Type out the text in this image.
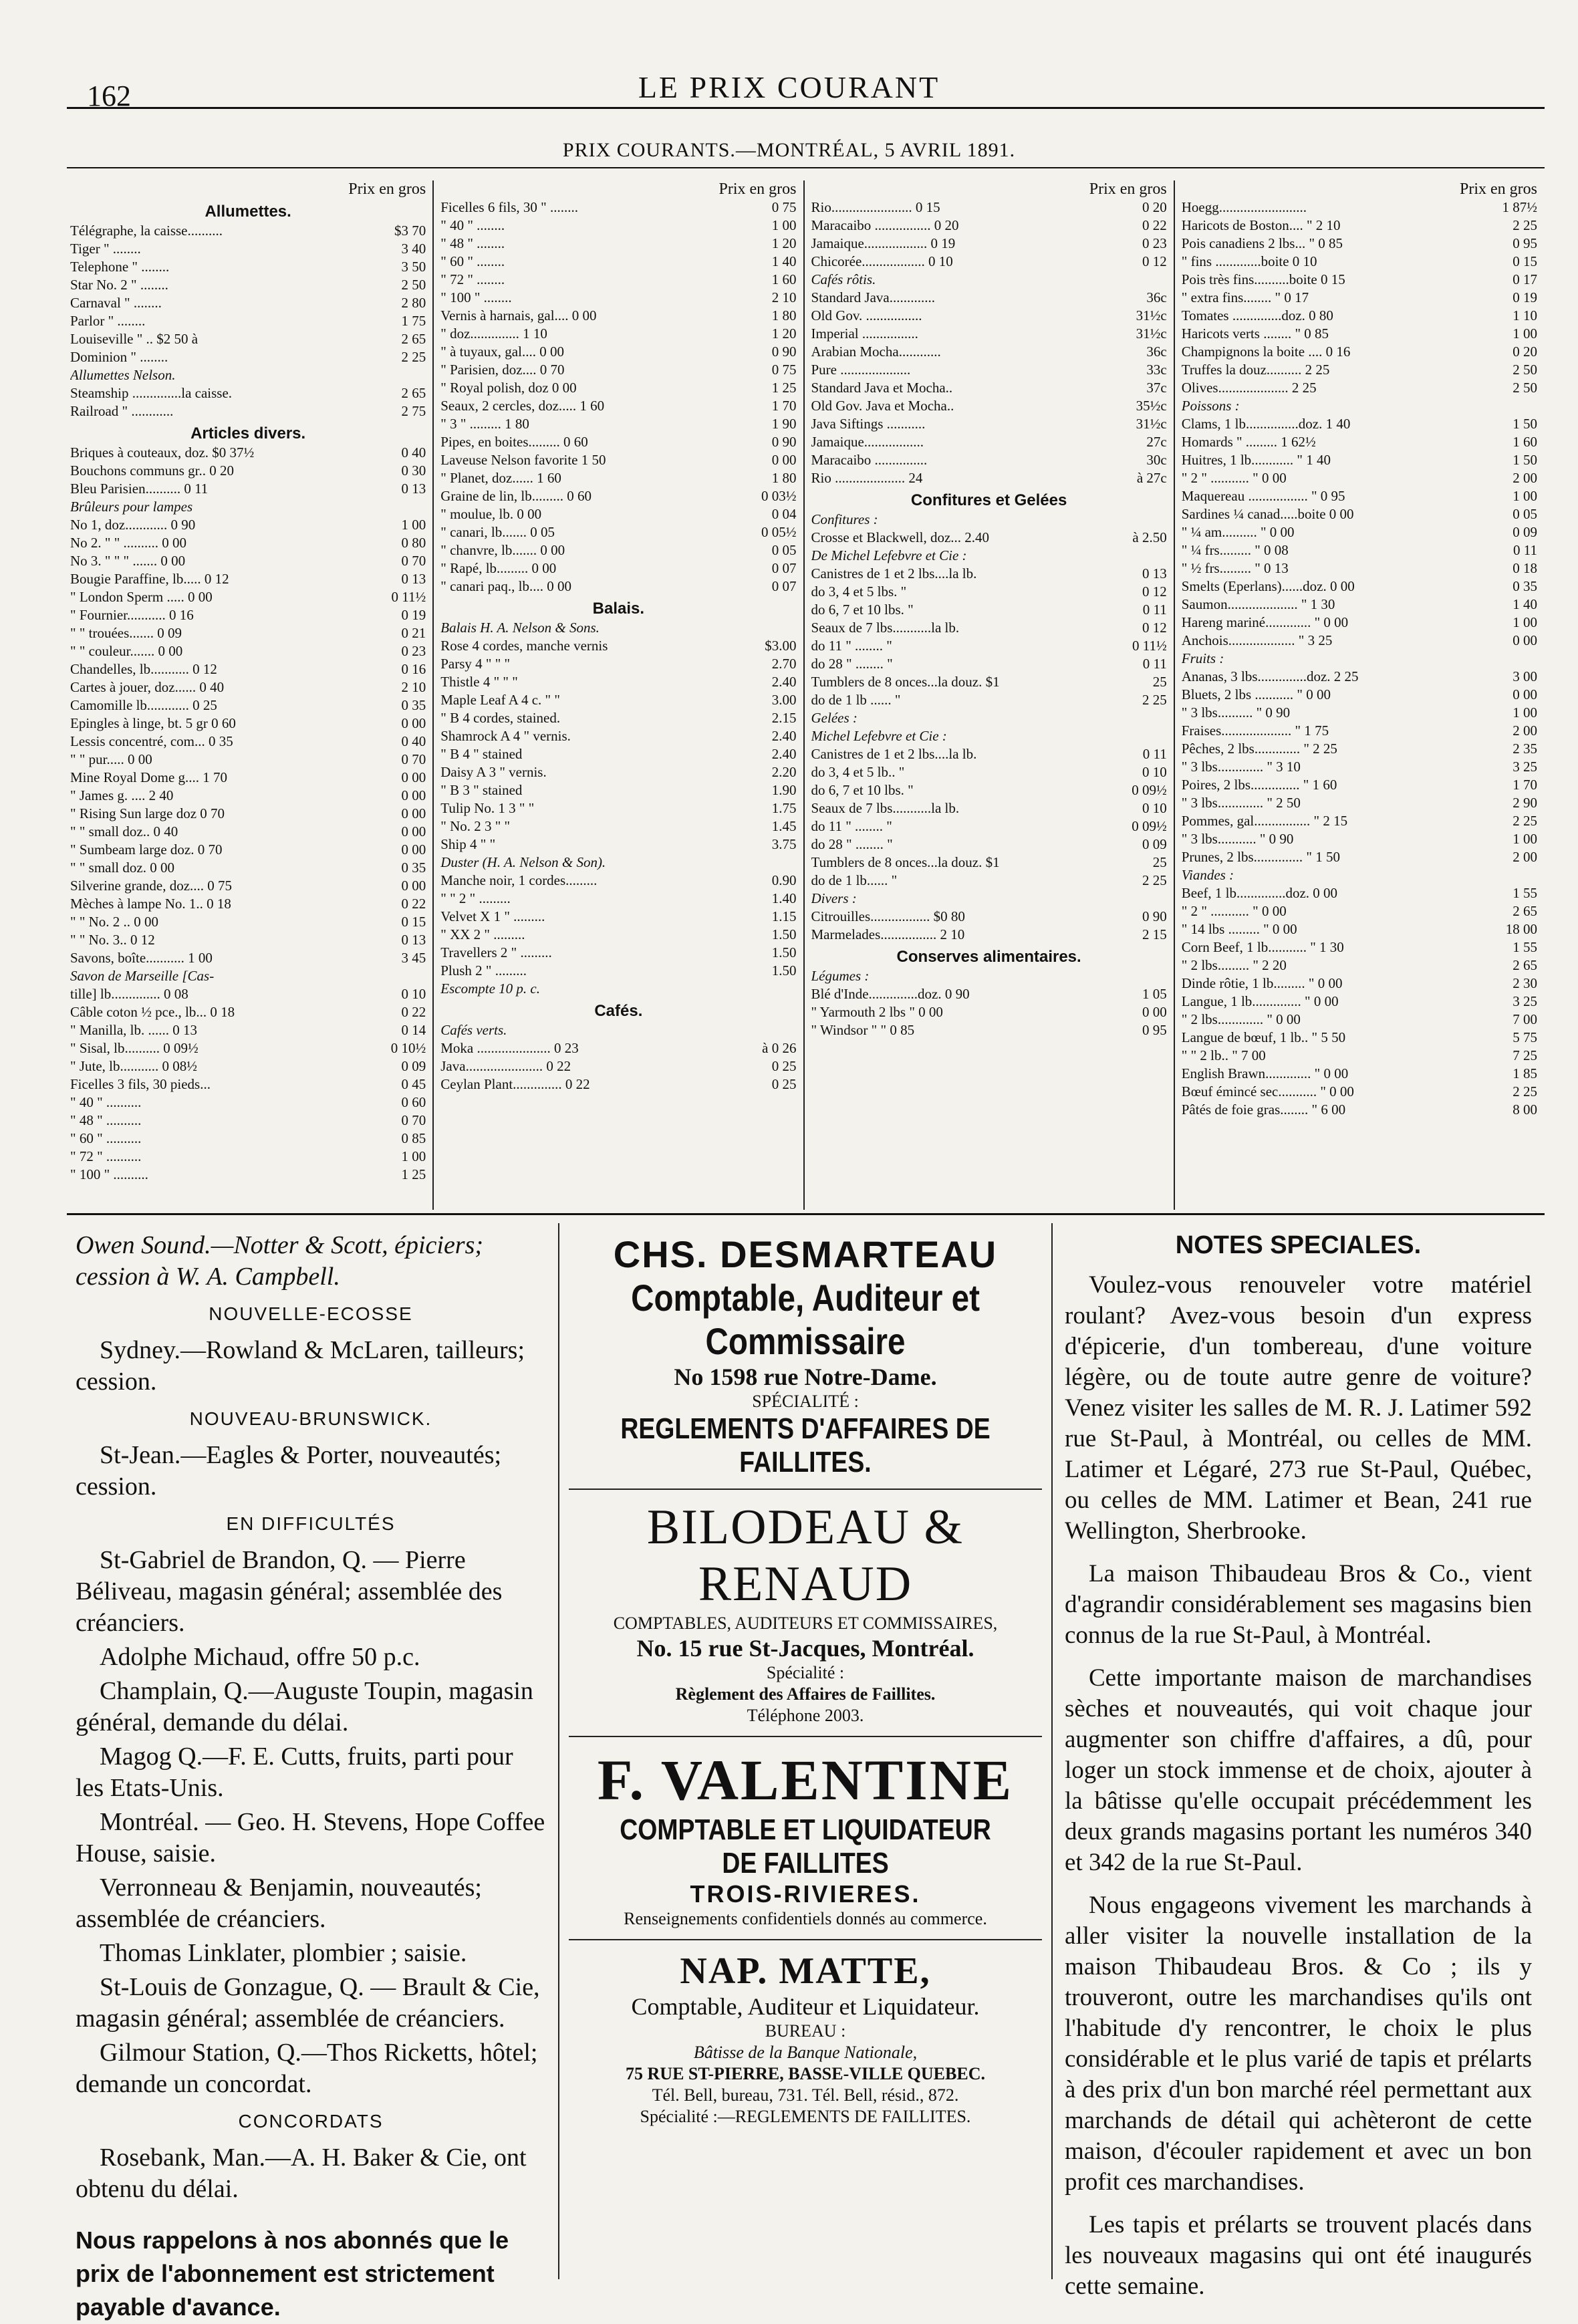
162	LE PRIX COURANT
PRIX COURANTS.—MONTRÉAL, 5 AVRIL 1891.
Prix en gros
Allumettes.
Télégraphe, la caisse..........	$3 70
Tiger " ........	3 40
Telephone " ........	3 50
Star No. 2 " ........	2 50
Carnaval " ........	2 80
Parlor " ........	1 75
Louiseville " .. $2 50 à	2 65
Dominion " ........	2 25
Allumettes Nelson.
Steamship ..............la caisse.	2 65
Railroad " ............	2 75
Articles divers.
Briques à couteaux, doz. $0 37½	0 40
Bouchons communs gr.. 0 20	0 30
Bleu Parisien.......... 0 11	0 13
Brûleurs pour lampes
No 1, doz............ 0 90	1 00
No 2. " " .......... 0 00	0 80
No 3. " " " ....... 0 00	0 70
Bougie Paraffine, lb..... 0 12	0 13
" London Sperm ..... 0 00	0 11½
" Fournier........... 0 16	0 19
" " trouées....... 0 09	0 21
" " couleur....... 0 00	0 23
Chandelles, lb........... 0 12	0 16
Cartes à jouer, doz...... 0 40	2 10
Camomille lb............ 0 25	0 35
Epingles à linge, bt. 5 gr 0 60	0 00
Lessis concentré, com... 0 35	0 40
" " pur..... 0 00	0 70
Mine Royal Dome g.... 1 70	0 00
" James g. .... 2 40	0 00
" Rising Sun large doz 0 70	0 00
" " small doz.. 0 40	0 00
" Sumbeam large doz. 0 70	0 00
" " small doz. 0 00	0 35
Silverine grande, doz.... 0 75	0 00
Mèches à lampe No. 1.. 0 18	0 22
" " No. 2 .. 0 00	0 15
" " No. 3.. 0 12	0 13
Savons, boîte........... 1 00	3 45
Savon de Marseille [Cas-
tille] lb.............. 0 08	0 10
Câble coton ½ pce., lb... 0 18	0 22
" Manilla, lb. ...... 0 13	0 14
" Sisal, lb.......... 0 09½	0 10½
" Jute, lb........... 0 08½	0 09
Ficelles 3 fils, 30 pieds...	0 45
" 40 " ..........	0 60
" 48 " ..........	0 70
" 60 " ..........	0 85
" 72 " ..........	1 00
" 100 " ..........	1 25
Prix en gros
Ficelles 6 fils, 30 " ........	0 75
" 40 " ........	1 00
" 48 " ........	1 20
" 60 " ........	1 40
" 72 " ........	1 60
" 100 " ........	2 10
Vernis à harnais, gal.... 0 00	1 80
" doz.............. 1 10	1 20
" à tuyaux, gal.... 0 00	0 90
" Parisien, doz.... 0 70	0 75
" Royal polish, doz 0 00	1 25
Seaux, 2 cercles, doz..... 1 60	1 70
" 3 " ......... 1 80	1 90
Pipes, en boites......... 0 60	0 90
Laveuse Nelson favorite 1 50	0 00
" Planet, doz...... 1 60	1 80
Graine de lin, lb......... 0 60	0 03½
" moulue, lb. 0 00	0 04
" canari, lb....... 0 05	0 05½
" chanvre, lb....... 0 00	0 05
" Rapé, lb......... 0 00	0 07
" canari paq., lb.... 0 00	0 07
Balais.
Balais H. A. Nelson & Sons.
Rose 4 cordes, manche vernis	$3.00
Parsy 4 " " "	2.70
Thistle 4 " " "	2.40
Maple Leaf A 4 c. " "	3.00
" B 4 cordes, stained.	2.15
Shamrock A 4 " vernis.	2.40
" B 4 " stained	2.40
Daisy A 3 " vernis.	2.20
" B 3 " stained	1.90
Tulip No. 1 3 " "	1.75
" No. 2 3 " "	1.45
Ship 4 " "	3.75
Duster (H. A. Nelson & Son).
Manche noir, 1 cordes.........	0.90
" " 2 " .........	1.40
Velvet X 1 " .........	1.15
" XX 2 " .........	1.50
Travellers 2 " .........	1.50
Plush 2 " .........	1.50
Escompte 10 p. c.
Cafés.
Cafés verts.
Moka ..................... 0 23	à 0 26
Java...................... 0 22	0 25
Ceylan Plant.............. 0 22	0 25
Prix en gros
Rio....................... 0 15	0 20
Maracaibo ................ 0 20	0 22
Jamaique.................. 0 19	0 23
Chicorée.................. 0 10	0 12
Cafés rôtis.
Standard Java.............	36c
Old Gov. ................	31½c
Imperial ................	31½c
Arabian Mocha............	36c
Pure ....................	33c
Standard Java et Mocha..	37c
Old Gov. Java et Mocha..	35½c
Java Siftings ...........	31½c
Jamaique.................	27c
Maracaibo ...............	30c
Rio .................... 24	à 27c
Confitures et Gelées
Confitures :
Crosse et Blackwell, doz... 2.40	à 2.50
De Michel Lefebvre et Cie :
Canistres de 1 et 2 lbs....la lb.	0 13
do 3, 4 et 5 lbs. "	0 12
do 6, 7 et 10 lbs. "	0 11
Seaux de 7 lbs...........la lb.	0 12
do 11 " ........ "	0 11½
do 28 " ........ "	0 11
Tumblers de 8 onces...la douz. $1	25
do de 1 lb ...... "	2 25
Gelées :
Michel Lefebvre et Cie :
Canistres de 1 et 2 lbs....la lb.	0 11
do 3, 4 et 5 lb.. "	0 10
do 6, 7 et 10 lbs. "	0 09½
Seaux de 7 lbs...........la lb.	0 10
do 11 " ........ "	0 09½
do 28 " ........ "	0 09
Tumblers de 8 onces...la douz. $1	25
do de 1 lb...... "	2 25
Divers :
Citrouilles................. $0 80	0 90
Marmelades................ 2 10	2 15
Conserves alimentaires.
Légumes :
Blé d'Inde..............doz. 0 90	1 05
" Yarmouth 2 lbs " 0 00	0 00
" Windsor " " 0 85	0 95
Prix en gros
Hoegg.........................	1 87½
Haricots de Boston.... " 2 10	2 25
Pois canadiens 2 lbs... " 0 85	0 95
" fins .............boite 0 10	0 15
Pois très fins..........boite 0 15	0 17
" extra fins........ " 0 17	0 19
Tomates ..............doz. 0 80	1 10
Haricots verts ........ " 0 85	1 00
Champignons la boite .... 0 16	0 20
Truffes la douz.......... 2 25	2 50
Olives.................... 2 25	2 50
Poissons :
Clams, 1 lb...............doz. 1 40	1 50
Homards " ......... 1 62½	1 60
Huitres, 1 lb............ " 1 40	1 50
" 2 " ........... " 0 00	2 00
Maquereau ................. " 0 95	1 00
Sardines ¼ canad.....boite 0 00	0 05
" ¼ am.......... " 0 00	0 09
" ¼ frs......... " 0 08	0 11
" ½ frs......... " 0 13	0 18
Smelts (Eperlans)......doz. 0 00	0 35
Saumon.................... " 1 30	1 40
Hareng mariné............. " 0 00	1 00
Anchois................... " 3 25	0 00
Fruits :
Ananas, 3 lbs..............doz. 2 25	3 00
Bluets, 2 lbs ........... " 0 00	0 00
" 3 lbs.......... " 0 90	1 00
Fraises.................... " 1 75	2 00
Pêches, 2 lbs............. " 2 25	2 35
" 3 lbs............. " 3 10	3 25
Poires, 2 lbs.............. " 1 60	1 70
" 3 lbs............. " 2 50	2 90
Pommes, gal................ " 2 15	2 25
" 3 lbs........... " 0 90	1 00
Prunes, 2 lbs.............. " 1 50	2 00
Viandes :
Beef, 1 lb..............doz. 0 00	1 55
" 2 " ........... " 0 00	2 65
" 14 lbs ......... " 0 00	18 00
Corn Beef, 1 lb........... " 1 30	1 55
" 2 lbs......... " 2 20	2 65
Dinde rôtie, 1 lb......... " 0 00	2 30
Langue, 1 lb.............. " 0 00	3 25
" 2 lbs............. " 0 00	7 00
Langue de bœuf, 1 lb.. " 5 50	5 75
" " 2 lb.. " 7 00	7 25
English Brawn............. " 0 00	1 85
Bœuf émincé sec........... " 0 00	2 25
Pâtés de foie gras........ " 6 00	8 00
Owen Sound.—Notter & Scott, épiciers; cession à W. A. Campbell.
NOUVELLE-ECOSSE
Sydney.—Rowland & McLaren, tailleurs; cession.
NOUVEAU-BRUNSWICK.
St-Jean.—Eagles & Porter, nouveautés; cession.
EN DIFFICULTÉS
St-Gabriel de Brandon, Q. — Pierre Béliveau, magasin général; assemblée des créanciers.
Adolphe Michaud, offre 50 p.c.
Champlain, Q.—Auguste Toupin, magasin général, demande du délai.
Magog Q.—F. E. Cutts, fruits, parti pour les Etats-Unis.
Montréal. — Geo. H. Stevens, Hope Coffee House, saisie.
Verronneau & Benjamin, nouveautés; assemblée de créanciers.
Thomas Linklater, plombier ; saisie.
St-Louis de Gonzague, Q. — Brault & Cie, magasin général; assemblée de créanciers.
Gilmour Station, Q.—Thos Ricketts, hôtel; demande un concordat.
CONCORDATS
Rosebank, Man.—A. H. Baker & Cie, ont obtenu du délai.
Nous rappelons à nos abonnés que le prix de l'abonnement est strictement payable d'avance.
CHS. DESMARTEAU
Comptable, Auditeur et Commissaire
No 1598 rue Notre-Dame.
SPÉCIALITÉ :
REGLEMENTS D'AFFAIRES DE FAILLITES.
BILODEAU & RENAUD
COMPTABLES, AUDITEURS ET COMMISSAIRES,
No. 15 rue St-Jacques, Montréal.
Spécialité :
Règlement des Affaires de Faillites.
Téléphone 2003.
F. VALENTINE
COMPTABLE ET LIQUIDATEUR DE FAILLITES
TROIS-RIVIERES.
Renseignements confidentiels donnés au commerce.
NAP. MATTE,
Comptable, Auditeur et Liquidateur.
BUREAU :
Bâtisse de la Banque Nationale,
75 RUE ST-PIERRE, BASSE-VILLE QUEBEC.
Tél. Bell, bureau, 731. Tél. Bell, résid., 872.
Spécialité :—REGLEMENTS DE FAILLITES.
NOTES SPECIALES.
Voulez-vous renouveler votre matériel roulant? Avez-vous besoin d'un express d'épicerie, d'un tombereau, d'une voiture légère, ou de toute autre genre de voiture? Venez visiter les salles de M. R. J. Latimer 592 rue St-Paul, à Montréal, ou celles de MM. Latimer et Légaré, 273 rue St-Paul, Québec, ou celles de MM. Latimer et Bean, 241 rue Wellington, Sherbrooke.
La maison Thibaudeau Bros & Co., vient d'agrandir considérablement ses magasins bien connus de la rue St-Paul, à Montréal.
Cette importante maison de marchandises sèches et nouveautés, qui voit chaque jour augmenter son chiffre d'affaires, a dû, pour loger un stock immense et de choix, ajouter à la bâtisse qu'elle occupait précédemment les deux grands magasins portant les numéros 340 et 342 de la rue St-Paul.
Nous engageons vivement les marchands à aller visiter la nouvelle installation de la maison Thibaudeau Bros. & Co ; ils y trouveront, outre les marchandises qu'ils ont l'habitude d'y rencontrer, le choix le plus considérable et le plus varié de tapis et prélarts à des prix d'un bon marché réel permettant aux marchands de détail qui achèteront de cette maison, d'écouler rapidement et avec un bon profit ces marchandises.
Les tapis et prélarts se trouvent placés dans les nouveaux magasins qui ont été inaugurés cette semaine.
